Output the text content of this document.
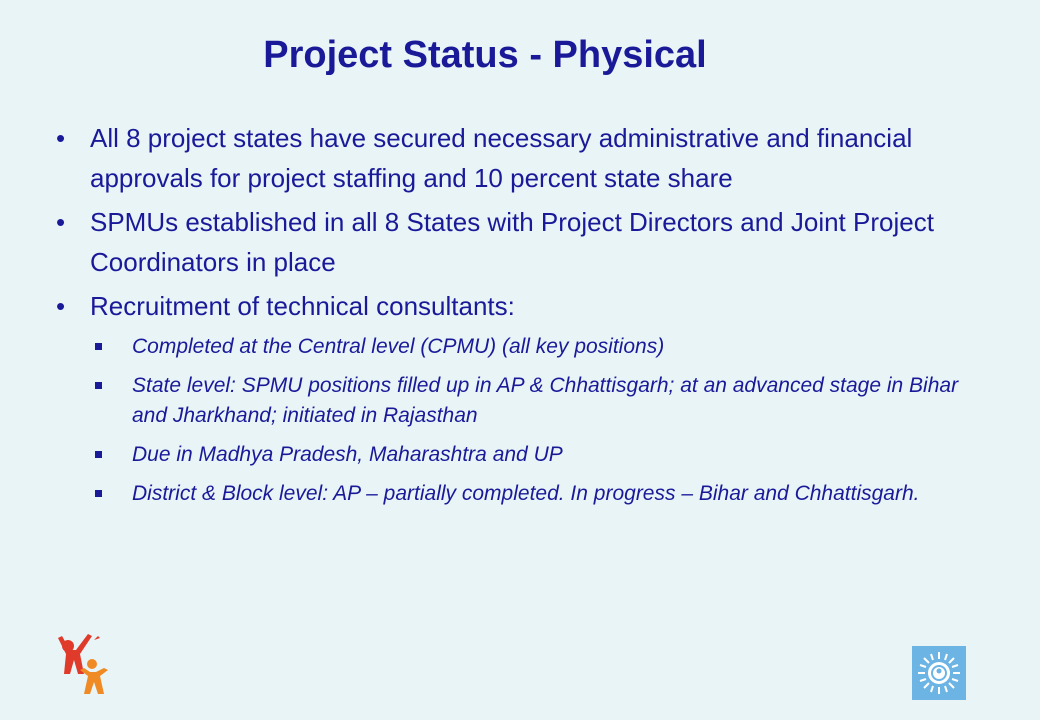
Project Status - Physical
• All 8 project states have secured necessary administrative and financial approvals for project staffing and 10 percent state share
• SPMUs established in all 8 States with Project Directors and Joint Project Coordinators in place
• Recruitment of technical consultants:
Completed at the Central level (CPMU) (all key positions)
State level: SPMU positions filled up in AP & Chhattisgarh; at an advanced stage in Bihar and Jharkhand; initiated in Rajasthan
Due in Madhya Pradesh, Maharashtra and UP
District & Block level: AP – partially completed. In progress – Bihar and Chhattisgarh.
